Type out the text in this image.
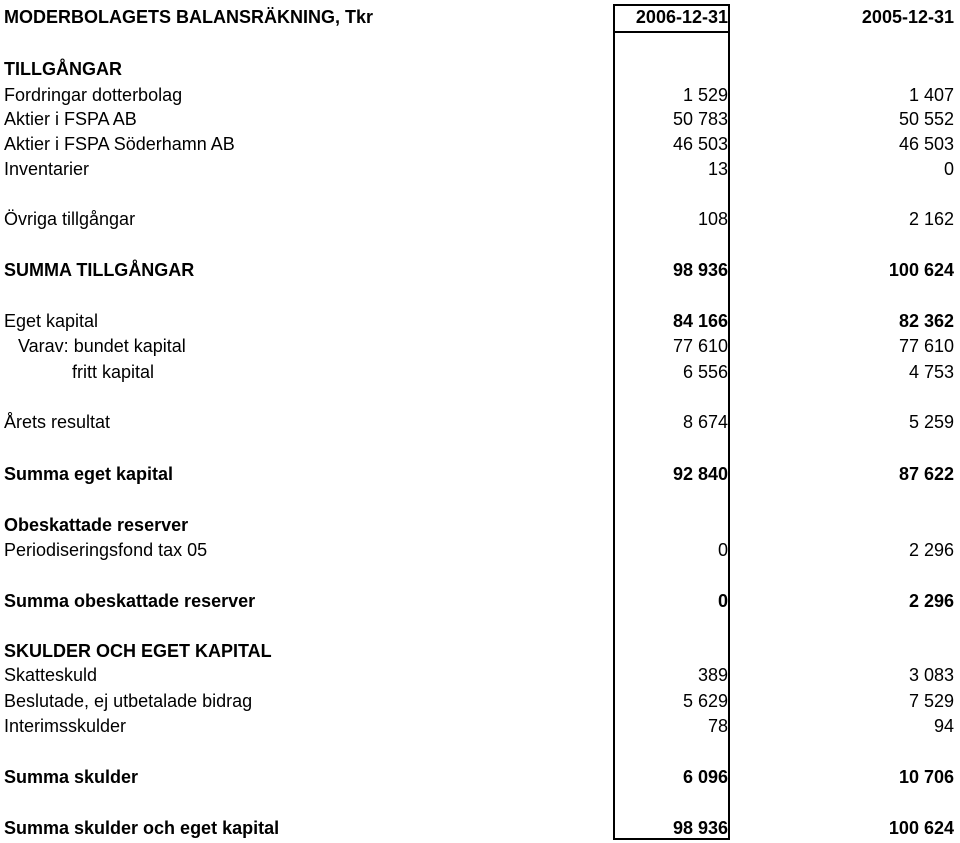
MODERBOLAGETS BALANSRÄKNING, Tkr	2006-12-31	2005-12-31
TILLGÅNGAR
Fordringar dotterbolag	1 529	1 407
Aktier i FSPA AB	50 783	50 552
Aktier i FSPA Söderhamn AB	46 503	46 503
Inventarier	13	0
Övriga tillgångar	108	2 162
SUMMA TILLGÅNGAR	98 936	100 624
Eget kapital	84 166	82 362
Varav: bundet kapital	77 610	77 610
fritt kapital	6 556	4 753
Årets resultat	8 674	5 259
Summa eget kapital	92 840	87 622
Obeskattade reserver
Periodiseringsfond tax 05	0	2 296
Summa obeskattade reserver	0	2 296
SKULDER OCH EGET KAPITAL
Skatteskuld	389	3 083
Beslutade, ej utbetalade bidrag	5 629	7 529
Interimsskulder	78	94
Summa skulder	6 096	10 706
Summa skulder och eget kapital	98 936	100 624
